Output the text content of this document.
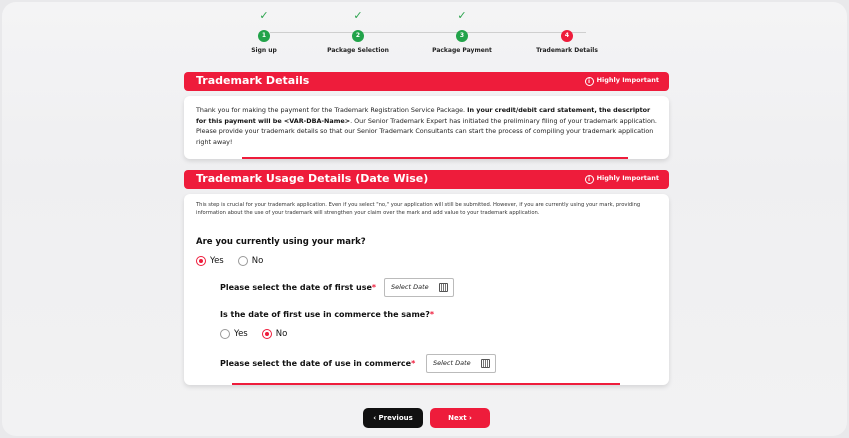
✓
1
Sign up
✓
2
Package Selection
✓
3
Package Payment
4
Trademark Details
Trademark Details	i Highly Important

Thank you for making the payment for the Trademark Registration Service Package. In your credit/debit card statement, the descriptor for this payment will be <VAR-DBA-Name>. Our Senior Trademark Expert has initiated the preliminary filing of your trademark application. Please provide your trademark details so that our Senior Trademark Consultants can start the process of compiling your trademark application right away!

Trademark Usage Details (Date Wise)	i Highly Important

This step is crucial for your trademark application. Even if you select "no," your application will still be submitted. However, if you are currently using your mark, providing information about the use of your trademark will strengthen your claim over the mark and add value to your trademark application.

Are you currently using your mark?
Yes	No
Please select the date of first use*	Select Date
Is the date of first use in commerce the same?*
Yes	No
Please select the date of use in commerce*	Select Date
‹ Previous	Next ›
